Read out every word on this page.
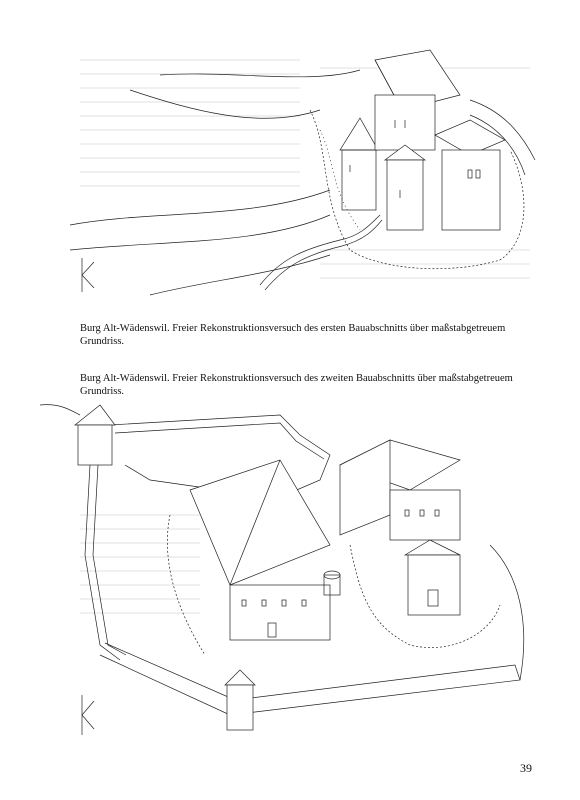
Burg Alt-Wädenswil. Freier Rekonstruktionsversuch des ersten Bauabschnitts über maßstabgetreuem Grundriss.
Burg Alt-Wädenswil. Freier Rekonstruktionsversuch des zweiten Bauabschnitts über maßstabgetreuem Grundriss.
39
